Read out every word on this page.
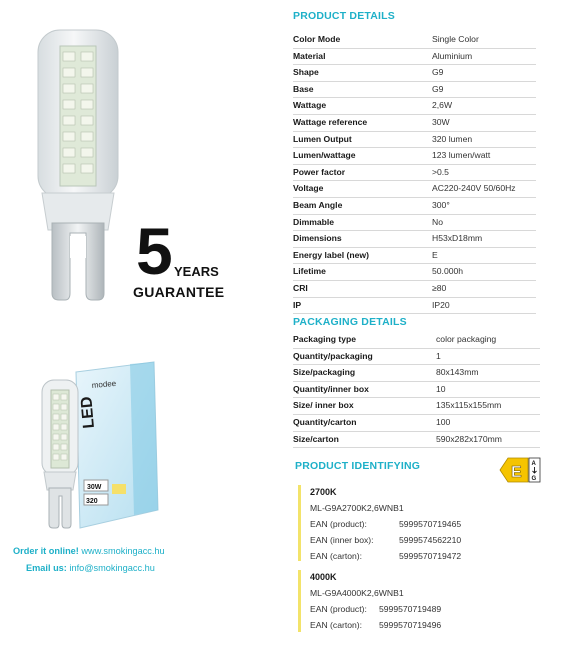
5 YEARS
GUARANTEE
modee
LED
30W
320
Order it online! www.smokingacc.hu
Email us: info@smokingacc.hu
PRODUCT DETAILS
Color Mode	Single Color
Material	Aluminium
Shape	G9
Base	G9
Wattage	2,6W
Wattage reference	30W
Lumen Output	320 lumen
Lumen/wattage	123 lumen/watt
Power factor	>0.5
Voltage	AC220-240V 50/60Hz
Beam Angle	300°
Dimmable	No
Dimensions	H53xD18mm
Energy label (new)	E
Lifetime	50.000h
CRI	≥80
IP	IP20
PACKAGING DETAILS
Packaging type	color packaging
Quantity/packaging	1
Size/packaging	80x143mm
Quantity/inner box	10
Size/ inner box	135x115x155mm
Quantity/carton	100
Size/carton	590x282x170mm
PRODUCT IDENTIFYING	E A
G
2700K
ML-G9A2700K2,6WNB1
EAN (product):	5999570719465
EAN (inner box):	5999574562210
EAN (carton):	5999570719472
4000K
ML-G9A4000K2,6WNB1
EAN (product): 5999570719489
EAN (carton): 5999570719496
